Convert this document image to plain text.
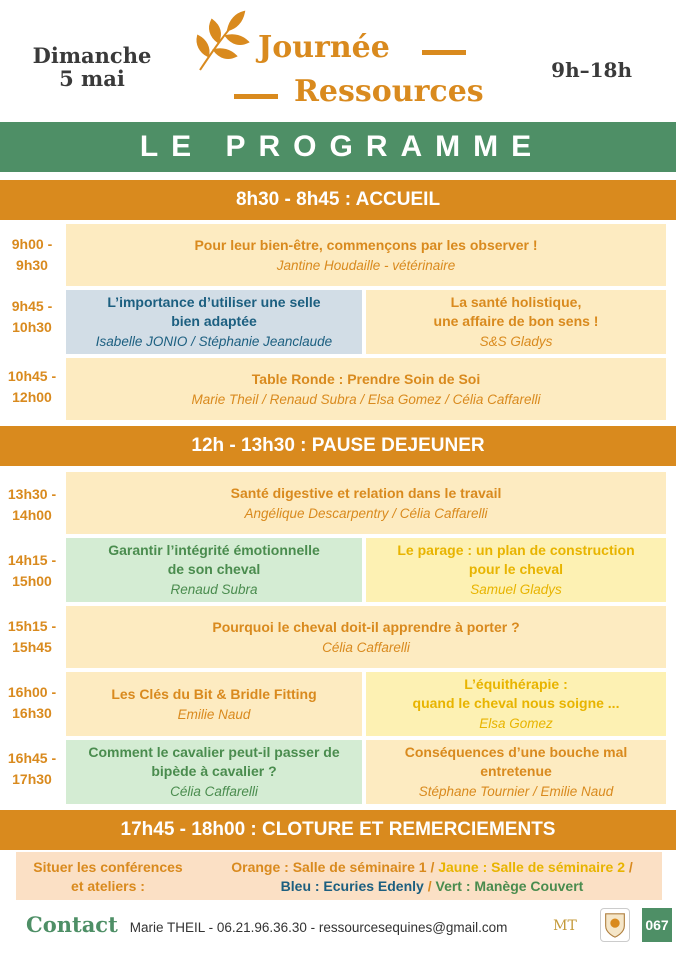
Dimanche
5 mai
Journée
Ressources
9h–18h
LE PROGRAMME
8h30 - 8h45 : ACCUEIL
9h00 -
9h30
Pour leur bien-être, commençons par les observer !
Jantine Houdaille - vétérinaire
9h45 -
10h30
L’importance d’utiliser une selle
bien adaptée
Isabelle JONIO / Stéphanie Jeanclaude
La santé holistique,
une affaire de bon sens !
S&S Gladys
10h45 -
12h00
Table Ronde : Prendre Soin de Soi
Marie Theil / Renaud Subra / Elsa Gomez / Célia Caffarelli
12h - 13h30 : PAUSE DEJEUNER
13h30 -
14h00
Santé digestive et relation dans le travail
Angélique Descarpentry / Célia Caffarelli
14h15 -
15h00
Garantir l’intégrité émotionnelle
de son cheval
Renaud Subra
Le parage : un plan de construction
pour le cheval
Samuel Gladys
15h15 -
15h45
Pourquoi le cheval doit-il apprendre à porter ?
Célia Caffarelli
16h00 -
16h30
Les Clés du Bit & Bridle Fitting
Emilie Naud
L’équithérapie :
quand le cheval nous soigne ...
Elsa Gomez
16h45 -
17h30
Comment le cavalier peut-il passer de
bipède à cavalier ?
Célia Caffarelli
Conséquences d’une bouche mal
entretenue
Stéphane Tournier / Emilie Naud
17h45 - 18h00 : CLOTURE ET REMERCIEMENTS
Situer les conférences
et ateliers :
Orange : Salle de séminaire 1 / Jaune : Salle de séminaire 2 /
Bleu : Ecuries Edenly / Vert : Manège Couvert
Contact Marie THEIL - 06.21.96.36.30 - ressourcesequines@gmail.com	MT	067
